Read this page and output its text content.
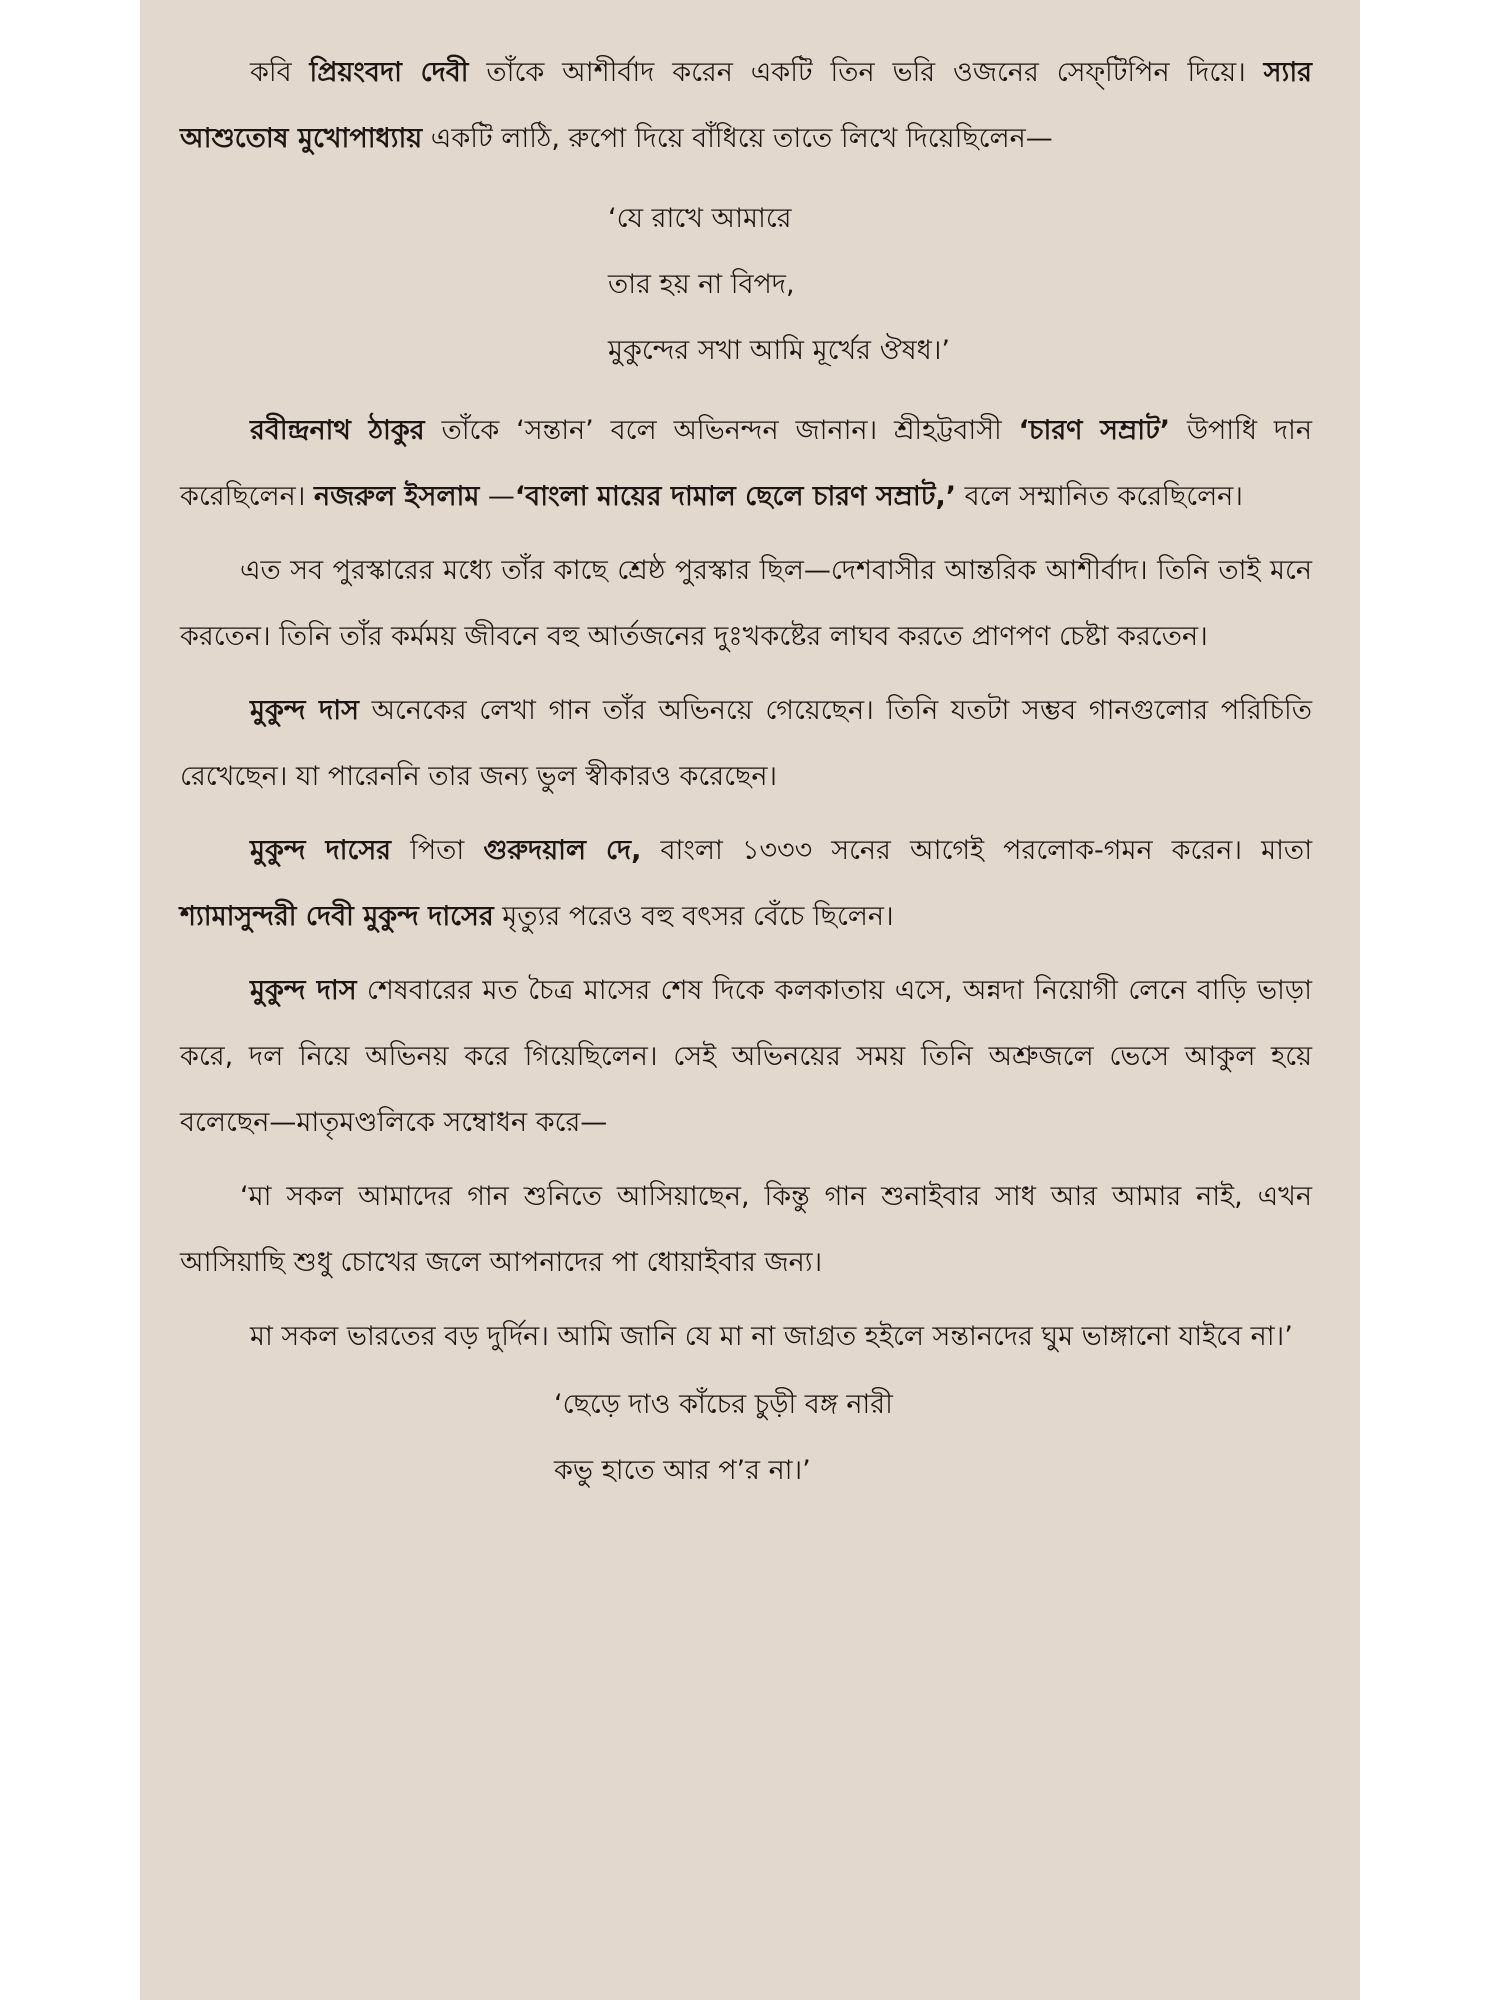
কবি প্রিয়ংবদা দেবী তাঁকে আশীর্বাদ করেন একটি তিন ভরি ওজনের সেফ্‌টিপিন দিয়ে। স্যার আশুতোষ মুখোপাধ্যায় একটি লাঠি, রুপো দিয়ে বাঁধিয়ে তাতে লিখে দিয়েছিলেন—

‘যে রাখে আমারে
তার হয় না বিপদ,
মুকুন্দের সখা আমি মূর্খের ঔষধ।’

রবীন্দ্রনাথ ঠাকুর তাঁকে ‘সন্তান’ বলে অভিনন্দন জানান। শ্রীহট্টবাসী ‘চারণ সম্রাট’ উপাধি দান করেছিলেন। নজরুল ইসলাম —‘বাংলা মায়ের দামাল ছেলে চারণ সম্রাট,’ বলে সম্মানিত করেছিলেন।

এত সব পুরস্কারের মধ্যে তাঁর কাছে শ্রেষ্ঠ পুরস্কার ছিল—দেশবাসীর আন্তরিক আশীর্বাদ। তিনি তাই মনে করতেন। তিনি তাঁর কর্মময় জীবনে বহু আর্তজনের দুঃখকষ্টের লাঘব করতে প্রাণপণ চেষ্টা করতেন।

মুকুন্দ দাস অনেকের লেখা গান তাঁর অভিনয়ে গেয়েছেন। তিনি যতটা সম্ভব গানগুলোর পরিচিতি রেখেছেন। যা পারেননি তার জন্য ভুল স্বীকারও করেছেন।

মুকুন্দ দাসের পিতা গুরুদয়াল দে, বাংলা ১৩৩৩ সনের আগেই পরলোক-গমন করেন। মাতা শ্যামাসুন্দরী দেবী মুকুন্দ দাসের মৃত্যুর পরেও বহু বৎসর বেঁচে ছিলেন।

মুকুন্দ দাস শেষবারের মত চৈত্র মাসের শেষ দিকে কলকাতায় এসে, অন্নদা নিয়োগী লেনে বাড়ি ভাড়া করে, দল নিয়ে অভিনয় করে গিয়েছিলেন। সেই অভিনয়ের সময় তিনি অশ্রুজলে ভেসে আকুল হয়ে বলেছেন—মাতৃমণ্ডলিকে সম্বোধন করে—

‘মা সকল আমাদের গান শুনিতে আসিয়াছেন, কিন্তু গান শুনাইবার সাধ আর আমার নাই, এখন আসিয়াছি শুধু চোখের জলে আপনাদের পা ধোয়াইবার জন্য।

মা সকল ভারতের বড় দুর্দিন। আমি জানি যে মা না জাগ্রত হইলে সন্তানদের ঘুম ভাঙ্গানো যাইবে না।’

‘ছেড়ে দাও কাঁচের চুড়ী বঙ্গ নারী
কভু হাতে আর প’র না।’
